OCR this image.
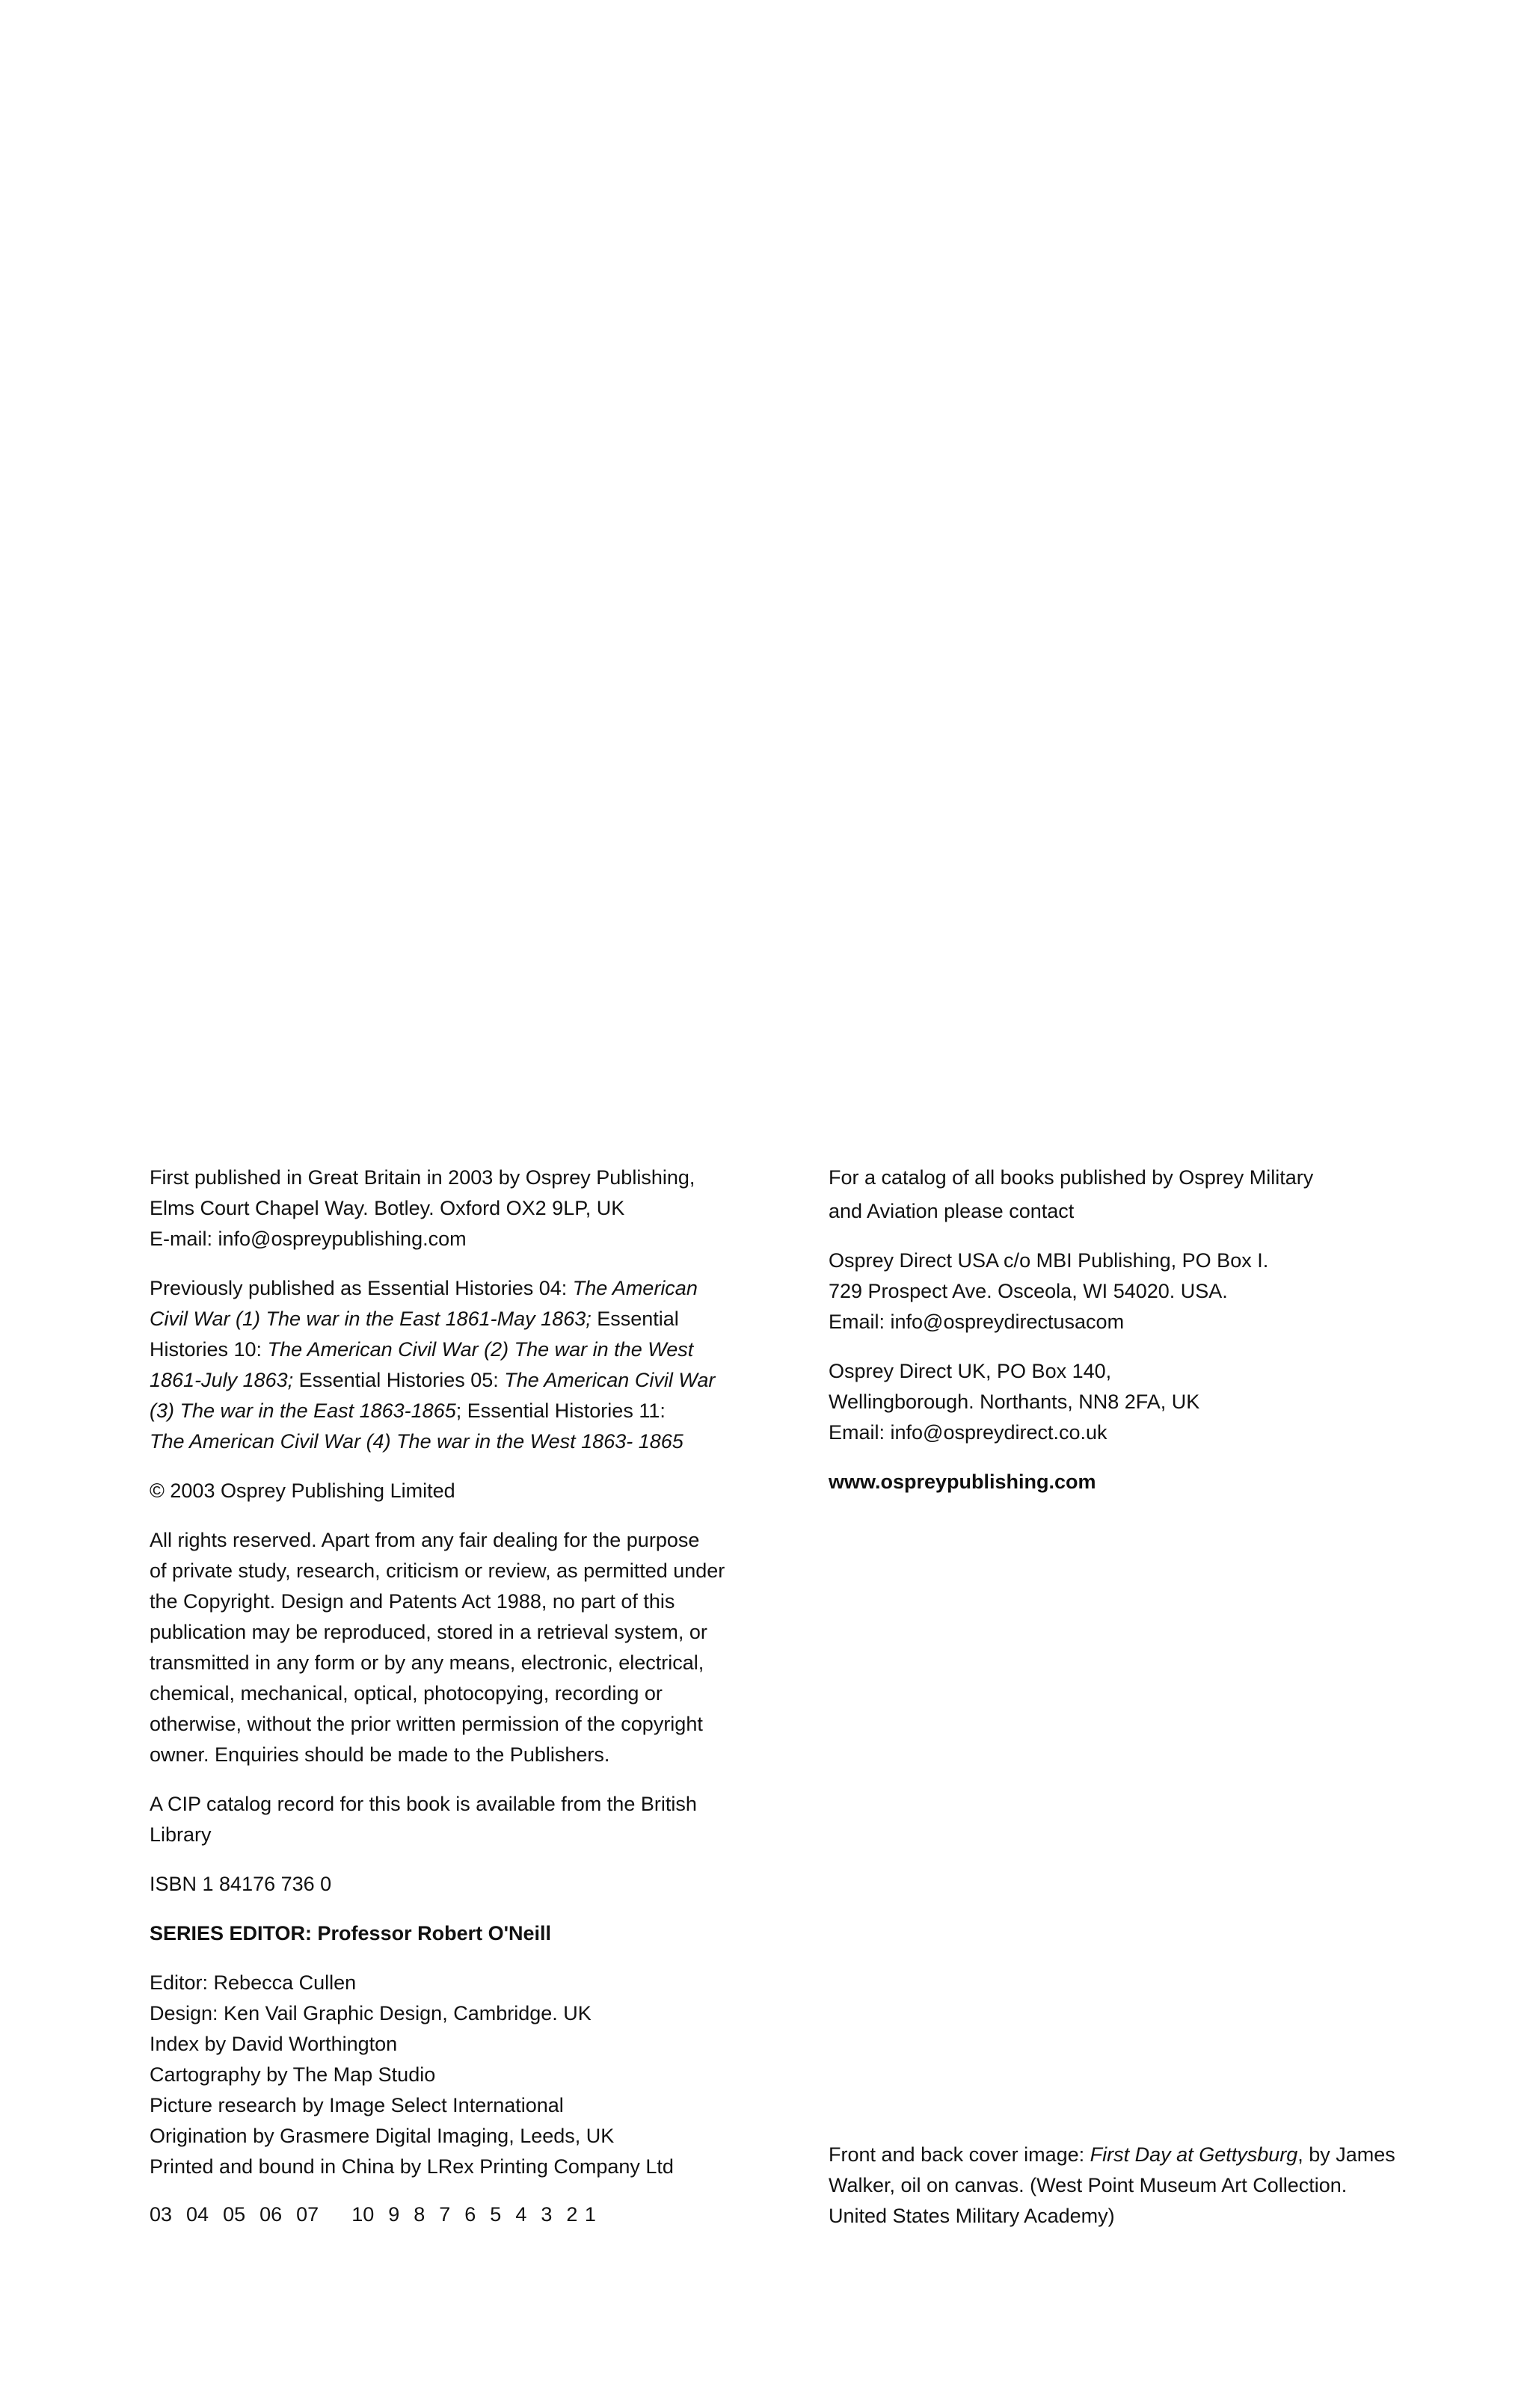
First published in Great Britain in 2003 by Osprey Publishing,
Elms Court Chapel Way. Botley. Oxford OX2 9LP, UK
E-mail: info@ospreypublishing.com

Previously published as Essential Histories 04: The American
Civil War (1) The war in the East 1861-May 1863; Essential
Histories 10: The American Civil War (2) The war in the West
1861-July 1863; Essential Histories 05: The American Civil War
(3) The war in the East 1863-1865; Essential Histories 11:
The American Civil War (4) The war in the West 1863- 1865

© 2003 Osprey Publishing Limited

All rights reserved. Apart from any fair dealing for the purpose
of private study, research, criticism or review, as permitted under
the Copyright. Design and Patents Act 1988, no part of this
publication may be reproduced, stored in a retrieval system, or
transmitted in any form or by any means, electronic, electrical,
chemical, mechanical, optical, photocopying, recording or
otherwise, without the prior written permission of the copyright
owner. Enquiries should be made to the Publishers.

A CIP catalog record for this book is available from the British
Library

ISBN 1 84176 736 0

SERIES EDITOR: Professor Robert O'Neill

Editor: Rebecca Cullen
Design: Ken Vail Graphic Design, Cambridge. UK
Index by David Worthington
Cartography by The Map Studio
Picture research by Image Select International
Origination by Grasmere Digital Imaging, Leeds, UK
Printed and bound in China by LRex Printing Company Ltd

03  04  05  06  07 10  9  8  7  6  5  4  3  2 1

For a catalog of all books published by Osprey Military
and Aviation please contact

Osprey Direct USA c/o MBI Publishing, PO Box I.
729 Prospect Ave. Osceola, WI 54020. USA.
Email: info@ospreydirectusacom

Osprey Direct UK, PO Box 140,
Wellingborough. Northants, NN8 2FA, UK
Email: info@ospreydirect.co.uk

www.ospreypublishing.com

Front and back cover image: First Day at Gettysburg, by James
Walker, oil on canvas. (West Point Museum Art Collection.
United States Military Academy)
